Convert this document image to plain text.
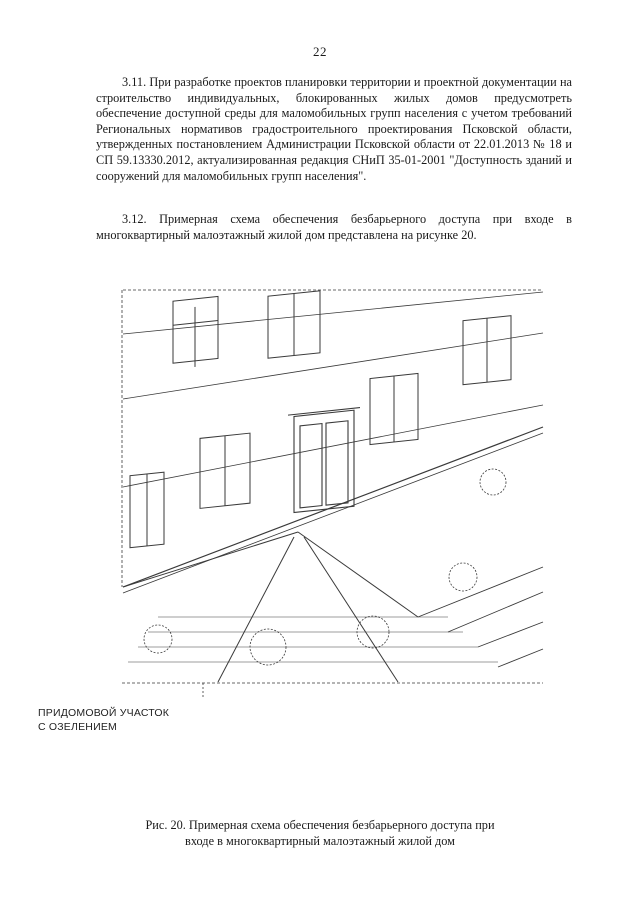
22
3.11. При разработке проектов планировки территории и проектной документации на строительство индивидуальных, блокированных жилых домов предусмотреть обеспечение доступной среды для маломобильных групп населения с учетом требований Региональных нормативов градостроительного проектирования Псковской области, утвержденных постановлением Администрации Псковской области от 22.01.2013 № 18 и СП 59.13330.2012, актуализированная редакция СНиП 35-01-2001 "Доступность зданий и сооружений для маломобильных групп населения".
3.12. Примерная схема обеспечения безбарьерного доступа при входе в многоквартирный малоэтажный жилой дом представлена на рисунке 20.
ПРИДОМОВОЙ УЧАСТОК
С ОЗЕЛЕНИЕМ
Рис. 20. Примерная схема обеспечения безбарьерного доступа при
входе в многоквартирный малоэтажный жилой дом
